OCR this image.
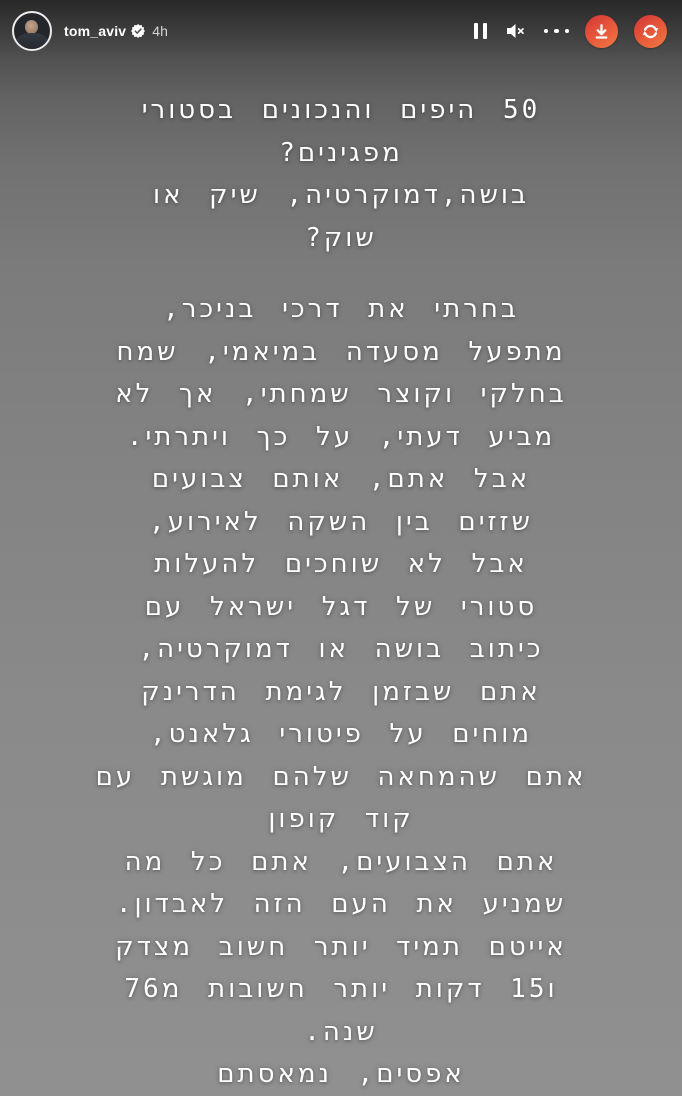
tom_aviv 4h
50 היפים והנכונים בסטורי
מפגינים?
בושה,דמוקרטיה, שיק או
שוק?
בחרתי את דרכי בניכר,
מתפעל מסעדה במיאמי, שמח
בחלקי וקוצר שמחתי, אך לא
מביע דעתי, על כך ויתרתי.
אבל אתם, אותם צבועים
שזזים בין השקה לאירוע,
אבל לא שוחכים להעלות
סטורי של דגל ישראל עם
כיתוב בושה או דמוקרטיה,
אתם שבזמן לגימת הדרינק
מוחים על פיטורי גלאנט,
אתם שהמחאה שלהם מוגשת עם
קוד קופון
אתם הצבועים, אתם כל מה
שמניע את העם הזה לאבדון.
אייטם תמיד יותר חשוב מצדק
ו15 דקות יותר חשובות מ76
שנה.
אפסים, נמאסתם
